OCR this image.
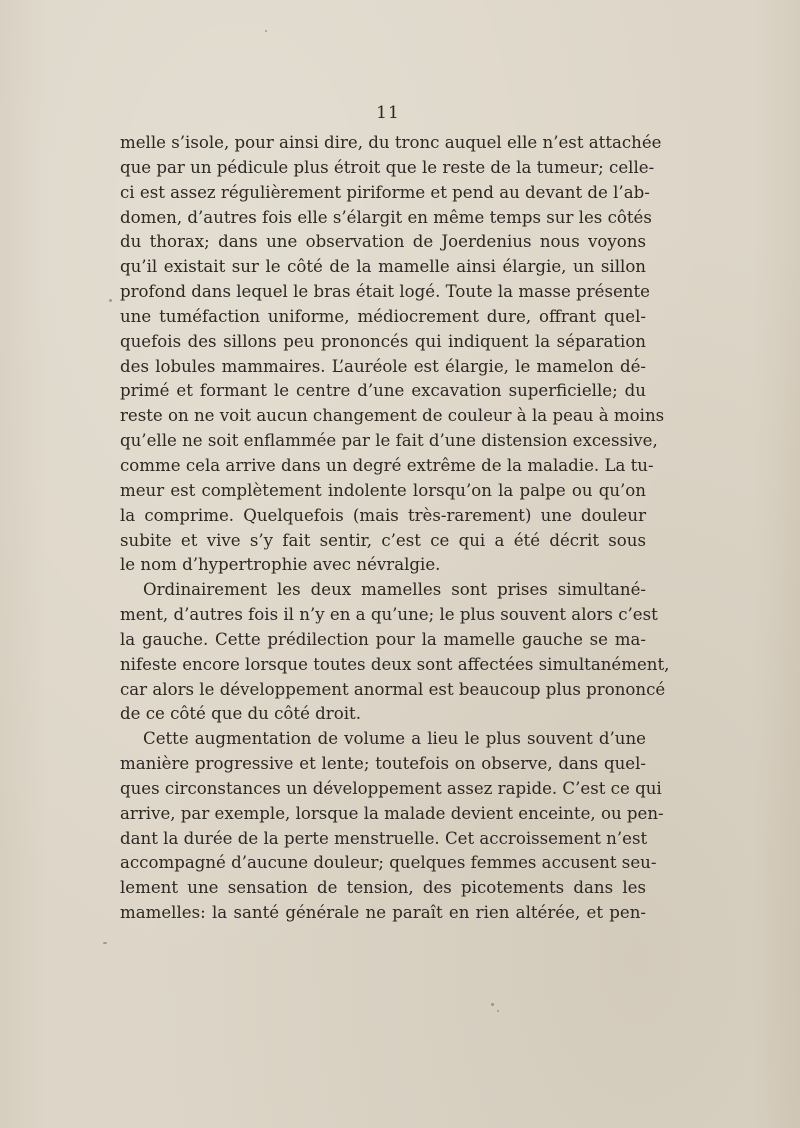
11
melle s’isole, pour ainsi dire, du tronc auquel elle n’est attachée
que par un pédicule plus étroit que le reste de la tumeur; celle-
ci est assez régulièrement piriforme et pend au devant de l’ab-
domen, d’autres fois elle s’élargit en même temps sur les côtés
du thorax; dans une observation de Joerdenius nous voyons
qu’il existait sur le côté de la mamelle ainsi élargie, un sillon
profond dans lequel le bras était logé. Toute la masse présente
une tuméfaction uniforme, médiocrement dure, offrant quel-
quefois des sillons peu prononcés qui indiquent la séparation
des lobules mammaires. L’auréole est élargie, le mamelon dé-
primé et formant le centre d’une excavation superficielle; du
reste on ne voit aucun changement de couleur à la peau à moins
qu’elle ne soit enflammée par le fait d’une distension excessive,
comme cela arrive dans un degré extrême de la maladie. La tu-
meur est complètement indolente lorsqu’on la palpe ou qu’on
la comprime. Quelquefois (mais très-rarement) une douleur
subite et vive s’y fait sentir, c’est ce qui a été décrit sous
le nom d’hypertrophie avec névralgie.
Ordinairement les deux mamelles sont prises simultané-
ment, d’autres fois il n’y en a qu’une; le plus souvent alors c’est
la gauche. Cette prédilection pour la mamelle gauche se ma-
nifeste encore lorsque toutes deux sont affectées simultanément,
car alors le développement anormal est beaucoup plus prononcé
de ce côté que du côté droit.
Cette augmentation de volume a lieu le plus souvent d’une
manière progressive et lente; toutefois on observe, dans quel-
ques circonstances un développement assez rapide. C’est ce qui
arrive, par exemple, lorsque la malade devient enceinte, ou pen-
dant la durée de la perte menstruelle. Cet accroissement n’est
accompagné d’aucune douleur; quelques femmes accusent seu-
lement une sensation de tension, des picotements dans les
mamelles: la santé générale ne paraît en rien altérée, et pen-
